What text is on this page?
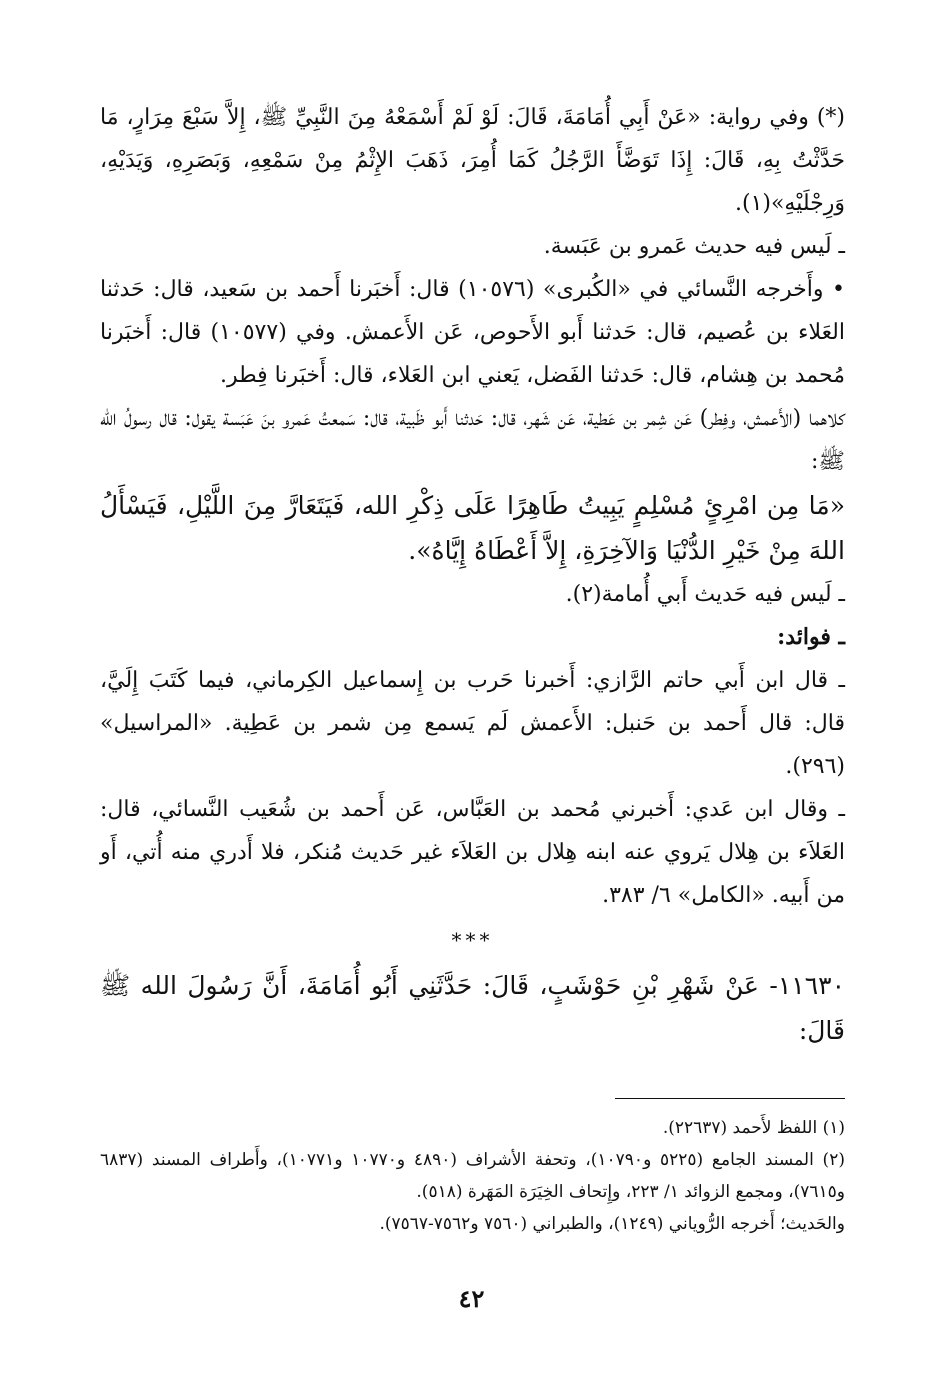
(*) وفي رواية: «عَنْ أَبِي أُمَامَةَ، قَالَ: لَوْ لَمْ أَسْمَعْهُ مِنَ النَّبِيِّ ﷺ، إِلاَّ سَبْعَ مِرَارٍ، مَا حَدَّثْتُ بِهِ، قَالَ: إِذَا تَوَضَّأَ الرَّجُلُ كَمَا أُمِرَ، ذَهَبَ الإِثْمُ مِنْ سَمْعِهِ، وَبَصَرِهِ، وَيَدَيْهِ، وَرِجْلَيْهِ»(١).

ـ لَيس فيه حديث عَمرو بن عَبَسة.

• وأَخرجه النَّسائي في «الكُبرى» (١٠٥٧٦) قال: أَخبَرنا أَحمد بن سَعيد، قال: حَدثنا العَلاء بن عُصيم، قال: حَدثنا أَبو الأَحوص، عَن الأَعمش. وفي (١٠٥٧٧) قال: أَخبَرنا مُحمد بن هِشام، قال: حَدثنا الفَضل، يَعني ابن العَلاء، قال: أَخبَرنا فِطر.

كلاهما (الأَعمش، وفِطر) عَن شِمر بن عَطية، عَن شَهر، قال: حَدثنا أَبو ظَبية، قال: سَمعتُ عَمرو بنَ عَبَسة يقول: قال رسولُ الله ﷺ:

«مَا مِن امْرِئٍ مُسْلِمٍ يَبِيتُ طَاهِرًا عَلَى ذِكْرِ الله، فَيَتَعَارَّ مِنَ اللَّيْلِ، فَيَسْأَلُ اللهَ مِنْ خَيْرِ الدُّنْيَا وَالآخِرَةِ، إِلاَّ أَعْطَاهُ إِيَّاهُ».

ـ لَيس فيه حَديث أَبي أُمامة(٢).

ـ فوائد:

ـ قال ابن أَبي حاتم الرَّازي: أَخبرنا حَرب بن إِسماعيل الكِرماني، فيما كَتَبَ إِلَيَّ، قال: قال أَحمد بن حَنبل: الأَعمش لَم يَسمع مِن شمر بن عَطِية. «المراسيل» (٢٩٦).

ـ وقال ابن عَدي: أَخبرني مُحمد بن العَبَّاس، عَن أَحمد بن شُعَيب النَّسائي، قال: العَلاَء بن هِلال يَروي عنه ابنه هِلال بن العَلاَء غير حَديث مُنكر، فلا أَدري منه أُتي، أَو من أَبيه. «الكامل» ٦/ ٣٨٣.

***

١١٦٣٠- عَنْ شَهْرِ بْنِ حَوْشَبٍ، قَالَ: حَدَّثَنِي أَبُو أُمَامَةَ، أَنَّ رَسُولَ الله ﷺ قَالَ:

(١) اللفظ لأَحمد (٢٢٦٣٧).

(٢) المسند الجامع (٥٢٢٥ و١٠٧٩٠)، وتحفة الأشراف (٤٨٩٠ و١٠٧٧٠ و١٠٧٧١)، وأَطراف المسند (٦٨٣٧ و٧٦١٥)، ومجمع الزوائد ١/ ٢٢٣، وإِتحاف الخِيَرَة المَهَرة (٥١٨).

والحَديث؛ أَخرجه الرُّوياني (١٢٤٩)، والطبراني (٧٥٦٠ و٧٥٦٢-٧٥٦٧).

٤٢
